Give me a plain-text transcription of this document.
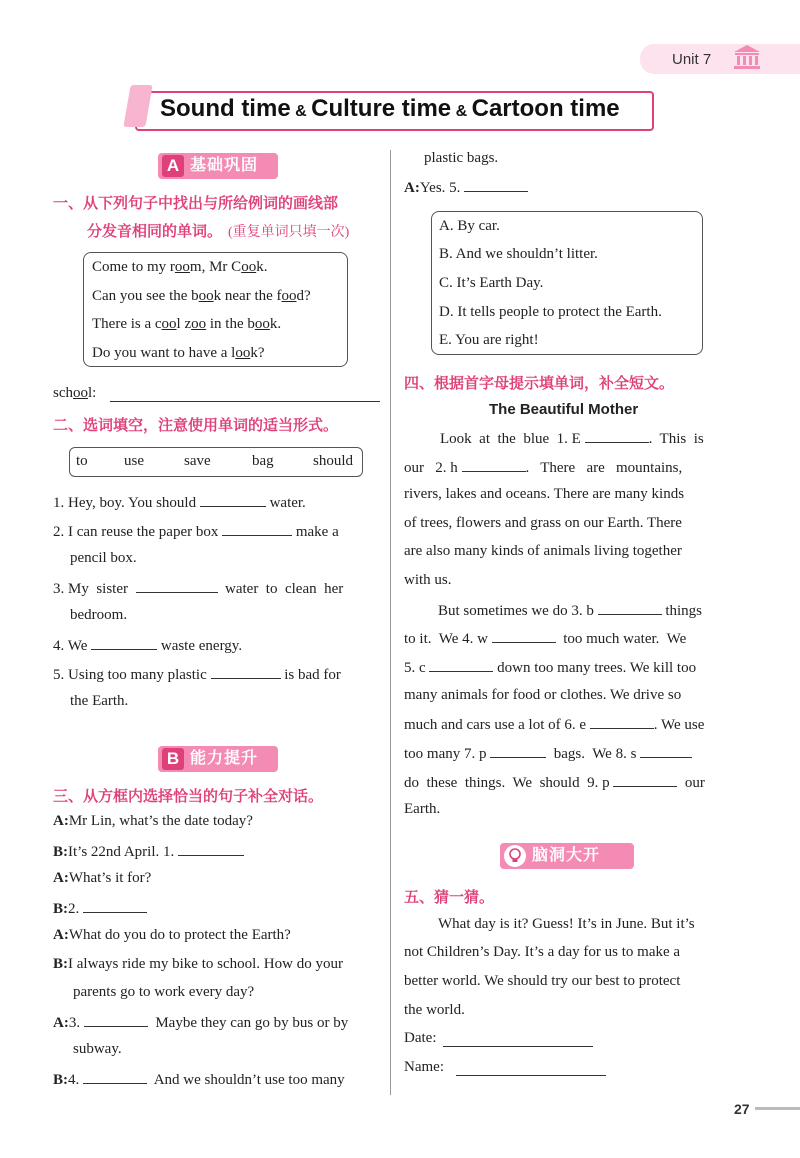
Unit 7
Sound time & Culture time & Cartoon time
A 基础巩固
一、从下列句子中找出与所给例词的画线部
分发音相同的单词。 (重复单词只填一次)
Come to my room, Mr Cook.
Can you see the book near the food?
There is a cool zoo in the book.
Do you want to have a look?
school:
二、选词填空，注意使用单词的适当形式。
to use	save	bag	should
1. Hey, boy. You should	water.
2. I can reuse the paper box	make a
pencil box.
3. My  sister	water  to  clean  her
bedroom.
4. We	waste energy.
5. Using too many plastic	is bad for
the Earth.
B 能力提升
三、从方框内选择恰当的句子补全对话。
A:Mr Lin, what’s the date today?
B:It’s 22nd April. 1.
A:What’s it for?
B:2.
A:What do you do to protect the Earth?
B:I always ride my bike to school. How do your
parents go to work every day?
A:3.	Maybe they can go by bus or by
subway.
B:4.	And we shouldn’t use too many
plastic bags.
A:Yes. 5.
A. By car.
B. And we shouldn’t litter.
C. It’s Earth Day.
D. It tells people to protect the Earth.
E. You are right!
四、根据首字母提示填单词，补全短文。
The Beautiful Mother
Look  at  the  blue  1. E	.  This  is
our   2. h	.   There   are   mountains,
rivers, lakes and oceans. There are many kinds
of trees, flowers and grass on our Earth. There
are also many kinds of animals living together
with us.
But sometimes we do 3. b	things
to it.  We 4. w	too much water.  We
5. c	down too many trees. We kill too
many animals for food or clothes. We drive so
much and cars use a lot of 6. e	. We use
too many 7. p	bags.  We 8. s
do  these  things.  We  should  9. p	our
Earth.
脑洞大开
五、猜一猜。
What day is it? Guess! It’s in June. But it’s
not Children’s Day. It’s a day for us to make a
better world. We should try our best to protect
the world.
Date:
Name:
27
